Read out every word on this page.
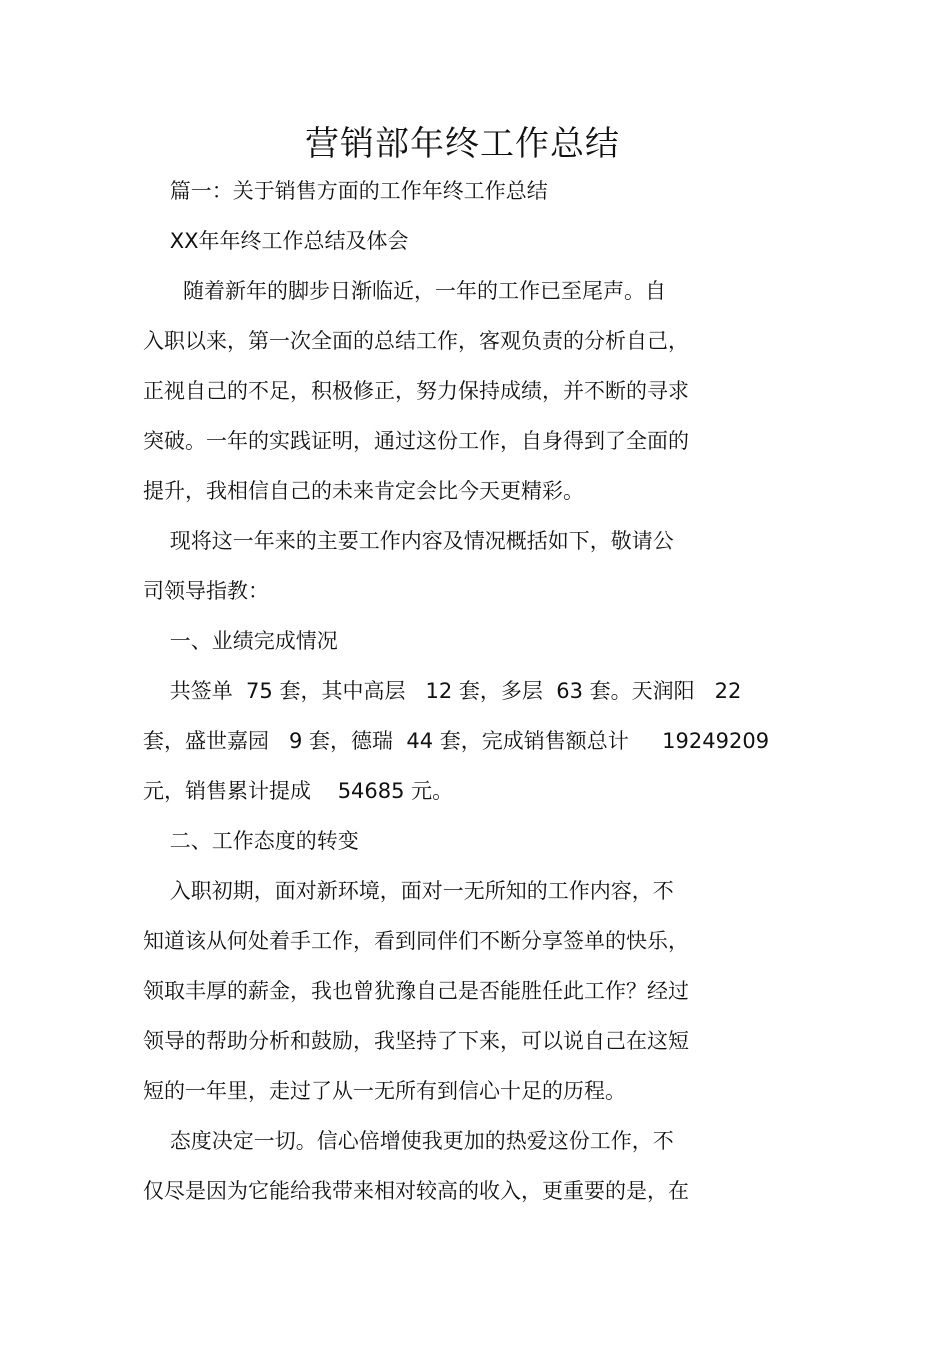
营销部年终工作总结
篇一：关于销售方面的工作年终工作总结
XX年年终工作总结及体会
随着新年的脚步日渐临近，一年的工作已至尾声。自
入职以来，第一次全面的总结工作，客观负责的分析自己，
正视自己的不足，积极修正，努力保持成绩，并不断的寻求
突破。一年的实践证明，通过这份工作，自身得到了全面的
提升，我相信自己的未来肯定会比今天更精彩。
现将这一年来的主要工作内容及情况概括如下，敬请公
司领导指教：
一、业绩完成情况
共签单  75 套，其中高层   12 套，多层  63 套。天润阳   22
套，盛世嘉园   9 套，德瑞  44 套，完成销售额总计     19249209
元，销售累计提成    54685 元。
二、工作态度的转变
入职初期，面对新环境，面对一无所知的工作内容，不
知道该从何处着手工作，看到同伴们不断分享签单的快乐，
领取丰厚的薪金，我也曾犹豫自己是否能胜任此工作？经过
领导的帮助分析和鼓励，我坚持了下来，可以说自己在这短
短的一年里，走过了从一无所有到信心十足的历程。
态度决定一切。信心倍增使我更加的热爱这份工作，不
仅尽是因为它能给我带来相对较高的收入，更重要的是，在
